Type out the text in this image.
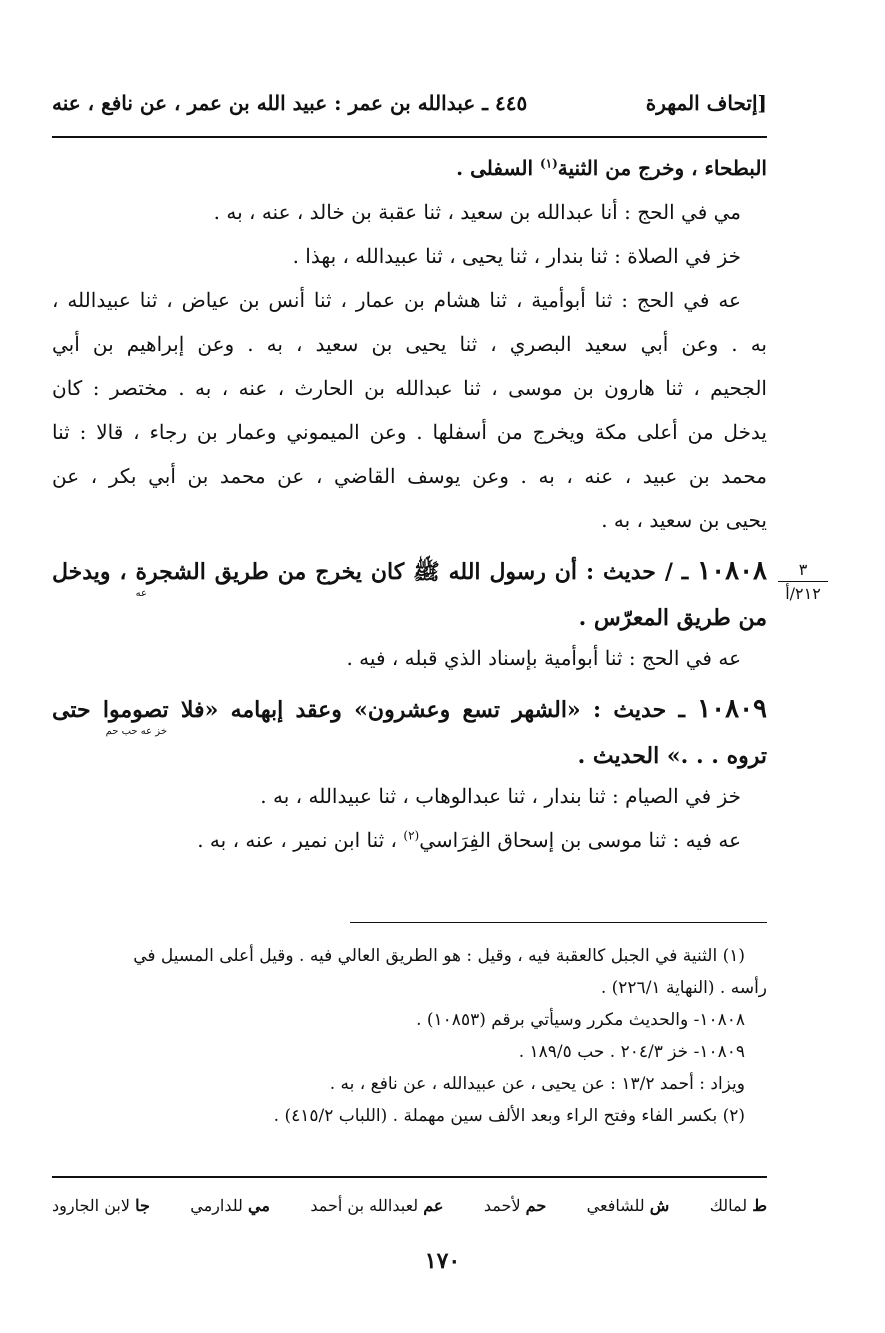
٤٤٥ ـ عبدالله بن عمر : عبيد الله بن عمر ، عن نافع ، عنه	[إتحاف المهرة
٣
٢١٢/أ
البطحاء ، وخرج من الثنية$^{(١)}$ السفلى .
مي في الحج : أنا عبدالله بن سعيد ، ثنا عقبة بن خالد ، عنه ، به .
خز في الصلاة : ثنا بندار ، ثنا يحيى ، ثنا عبيدالله ، بهذا .
عه في الحج : ثنا أبوأمية ، ثنا هشام بن عمار ، ثنا أنس بن عياض ، ثنا عبيدالله ،
به . وعن أبي سعيد البصري ، ثنا يحيى بن سعيد ، به . وعن إبراهيم بن أبي
الجحيم ، ثنا هارون بن موسى ، ثنا عبدالله بن الحارث ، عنه ، به . مختصر : كان
يدخل من أعلى مكة ويخرج من أسفلها . وعن الميموني وعمار بن رجاء ، قالا : ثنا
محمد بن عبيد ، عنه ، به . وعن يوسف القاضي ، عن محمد بن أبي بكر ، عن
يحيى بن سعيد ، به .
١٠٨٠٨ ـ / حديث : أن رسول الله ﷺ كان يخرج من طريق الشجرة ، ويدخل
عه
من طريق المعرّس .
عه في الحج : ثنا أبوأمية بإسناد الذي قبله ، فيه .
١٠٨٠٩ ـ حديث : «الشهر تسع وعشرون» وعقد إبهامه «فلا تصوموا حتى
خز عه حب حم
تروه . . .» الحديث .
خز في الصيام : ثنا بندار ، ثنا عبدالوهاب ، ثنا عبيدالله ، به .
عه فيه : ثنا موسى بن إسحاق الفِرَاسي$^{(٢)}$ ، ثنا ابن نمير ، عنه ، به .
(١) الثنية في الجبل كالعقبة فيه ، وقيل : هو الطريق العالي فيه . وقيل أعلى المسيل في
رأسه . (النهاية ٢٢٦/١) .
١٠٨٠٨- والحديث مكرر وسيأتي برقم (١٠٨٥٣) .
١٠٨٠٩- خز ٢٠٤/٣ . حب ١٨٩/٥ .
ويزاد : أحمد ١٣/٢ : عن يحيى ، عن عبيدالله ، عن نافع ، به .
(٢) بكسر الفاء وفتح الراء وبعد الألف سين مهملة . (اللباب ٤١٥/٢) .
ط لمالك
ش للشافعي
حم لأحمد
عم لعبدالله بن أحمد
مي للدارمي
جا لابن الجارود
١٧٠
